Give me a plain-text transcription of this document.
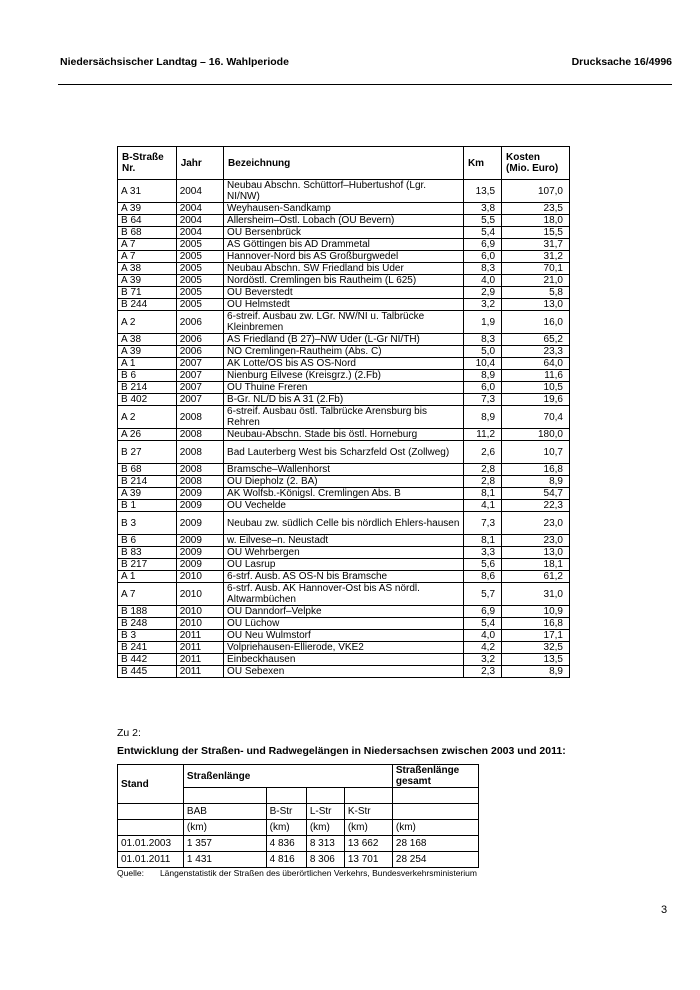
Niedersächsischer Landtag – 16. Wahlperiode	Drucksache 16/4996
B-Straße Nr.	Jahr	Bezeichnung	Km	Kosten (Mio. Euro)
A 31	2004	Neubau Abschn. Schüttorf–Hubertushof (Lgr. NI/NW)	13,5	107,0
A 39	2004	Weyhausen-Sandkamp	3,8	23,5
B 64	2004	Allersheim–Östl. Lobach (OU Bevern)	5,5	18,0
B 68	2004	OU Bersenbrück	5,4	15,5
A 7	2005	AS Göttingen bis AD Drammetal	6,9	31,7
A 7	2005	Hannover-Nord bis AS Großburgwedel	6,0	31,2
A 38	2005	Neubau Abschn. SW Friedland bis Uder	8,3	70,1
A 39	2005	Nordöstl. Cremlingen bis Rautheim (L 625)	4,0	21,0
B 71	2005	OU Beverstedt	2,9	5,8
B 244	2005	OU Helmstedt	3,2	13,0
A 2	2006	6-streif. Ausbau zw. LGr. NW/NI u. Talbrücke Kleinbremen	1,9	16,0
A 38	2006	AS Friedland (B 27)–NW Uder (L-Gr NI/TH)	8,3	65,2
A 39	2006	NO Cremlingen-Rautheim (Abs. C)	5,0	23,3
A 1	2007	AK Lotte/OS bis AS OS-Nord	10,4	64,0
B 6	2007	Nienburg Eilvese (Kreisgrz.) (2.Fb)	8,9	11,6
B 214	2007	OU Thuine Freren	6,0	10,5
B 402	2007	B-Gr. NL/D bis A 31 (2.Fb)	7,3	19,6
A 2	2008	6-streif. Ausbau östl. Talbrücke Arensburg bis Rehren	8,9	70,4
A 26	2008	Neubau-Abschn. Stade bis östl. Horneburg	11,2	180,0
B 27	2008	Bad Lauterberg West bis Scharzfeld Ost (Zollweg)	2,6	10,7
B 68	2008	Bramsche–Wallenhorst	2,8	16,8
B 214	2008	OU Diepholz (2. BA)	2,8	8,9
A 39	2009	AK Wolfsb.-Königsl. Cremlingen Abs. B	8,1	54,7
B 1	2009	OU Vechelde	4,1	22,3
B 3	2009	Neubau zw. südlich Celle bis nördlich Ehlers-hausen	7,3	23,0
B 6	2009	w. Eilvese–n. Neustadt	8,1	23,0
B 83	2009	OU Wehrbergen	3,3	13,0
B 217	2009	OU Lasrup	5,6	18,1
A 1	2010	6-strf. Ausb. AS OS-N bis Bramsche	8,6	61,2
A 7	2010	6-strf. Ausb. AK Hannover-Ost bis AS nördl. Altwarmbüchen	5,7	31,0
B 188	2010	OU Danndorf–Velpke	6,9	10,9
B 248	2010	OU Lüchow	5,4	16,8
B 3	2011	OU Neu Wulmstorf	4,0	17,1
B 241	2011	Volpriehausen-Ellierode, VKE2	4,2	32,5
B 442	2011	Einbeckhausen	3,2	13,5
B 445	2011	OU Sebexen	2,3	8,9
Zu 2:
Entwicklung der Straßen- und Radwegelängen in Niedersachsen zwischen 2003 und 2011:
Stand	Straßenlänge				Straßenlänge gesamt

	BAB	B-Str	L-Str	K-Str	
	(km)	(km)	(km)	(km)	(km)
01.01.2003	1 357	4 836	8 313	13 662	28 168
01.01.2011	1 431	4 816	8 306	13 701	28 254
Quelle: Längenstatistik der Straßen des überörtlichen Verkehrs, Bundesverkehrsministerium
3
